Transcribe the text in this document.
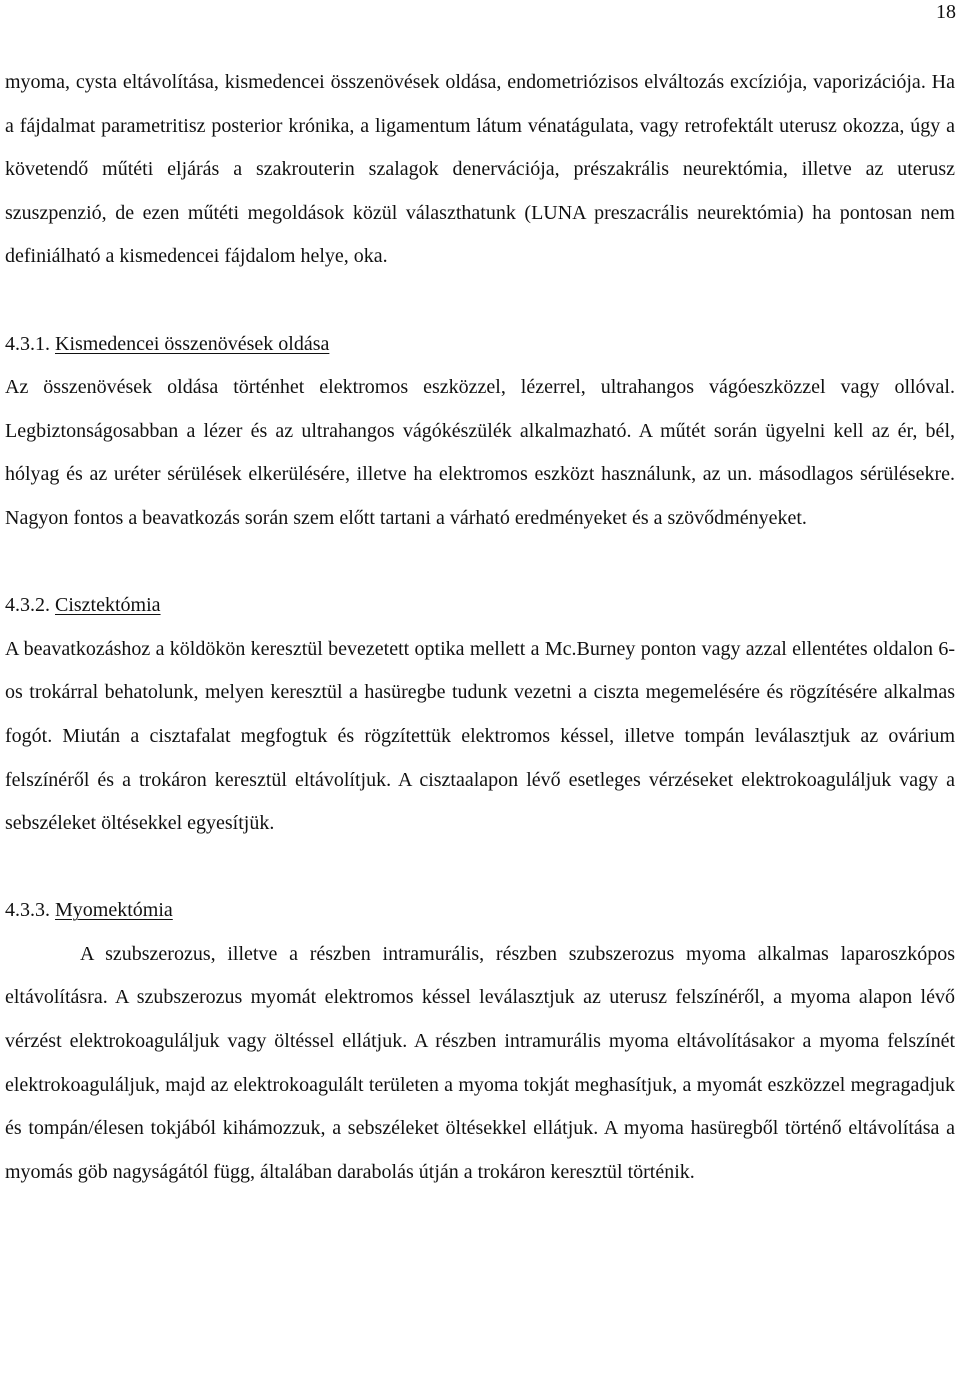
18

myoma, cysta eltávolítása, kismedencei összenövések oldása, endometriózisos elváltozás excíziója, vaporizációja. Ha a fájdalmat parametritisz posterior krónika, a ligamentum látum vénatágulata, vagy retrofektált uterusz okozza, úgy a követendő műtéti eljárás a szakrouterin szalagok denervációja, prészakrális neurektómia, illetve az uterusz szuszpenzió, de ezen műtéti megoldások közül választhatunk (LUNA preszacrális neurektómia) ha pontosan nem definiálható a kismedencei fájdalom helye, oka.

4.3.1. Kismedencei összenövések oldása

Az összenövések oldása történhet elektromos eszközzel, lézerrel, ultrahangos vágóeszközzel vagy ollóval. Legbiztonságosabban a lézer és az ultrahangos vágókészülék alkalmazható. A műtét során ügyelni kell az ér, bél, hólyag és az uréter sérülések elkerülésére, illetve ha elektromos eszközt használunk, az un. másodlagos sérülésekre. Nagyon fontos a beavatkozás során szem előtt tartani a várható eredményeket és a szövődményeket.

4.3.2. Cisztektómia

A beavatkozáshoz a köldökön keresztül bevezetett optika mellett a Mc.Burney ponton vagy azzal ellentétes oldalon 6-os trokárral behatolunk, melyen keresztül a hasüregbe tudunk vezetni a ciszta megemelésére és rögzítésére alkalmas fogót. Miután a cisztafalat megfogtuk és rögzítettük elektromos késsel, illetve tompán leválasztjuk az ovárium felszínéről és a trokáron keresztül eltávolítjuk. A cisztaalapon lévő esetleges vérzéseket elektrokoaguláljuk vagy a sebszéleket öltésekkel egyesítjük.

4.3.3. Myomektómia

A szubszerozus, illetve a részben intramurális, részben szubszerozus myoma alkalmas laparoszkópos eltávolításra. A szubszerozus myomát elektromos késsel leválasztjuk az uterusz felszínéről, a myoma alapon lévő vérzést elektrokoaguláljuk vagy öltéssel ellátjuk. A részben intramurális myoma eltávolításakor a myoma felszínét elektrokoaguláljuk, majd az elektrokoagulált területen a myoma tokját meghasítjuk, a myomát eszközzel megragadjuk és tompán/élesen tokjából kihámozzuk, a sebszéleket öltésekkel ellátjuk. A myoma hasüregből történő eltávolítása a myomás göb nagyságától függ, általában darabolás útján a trokáron keresztül történik.
